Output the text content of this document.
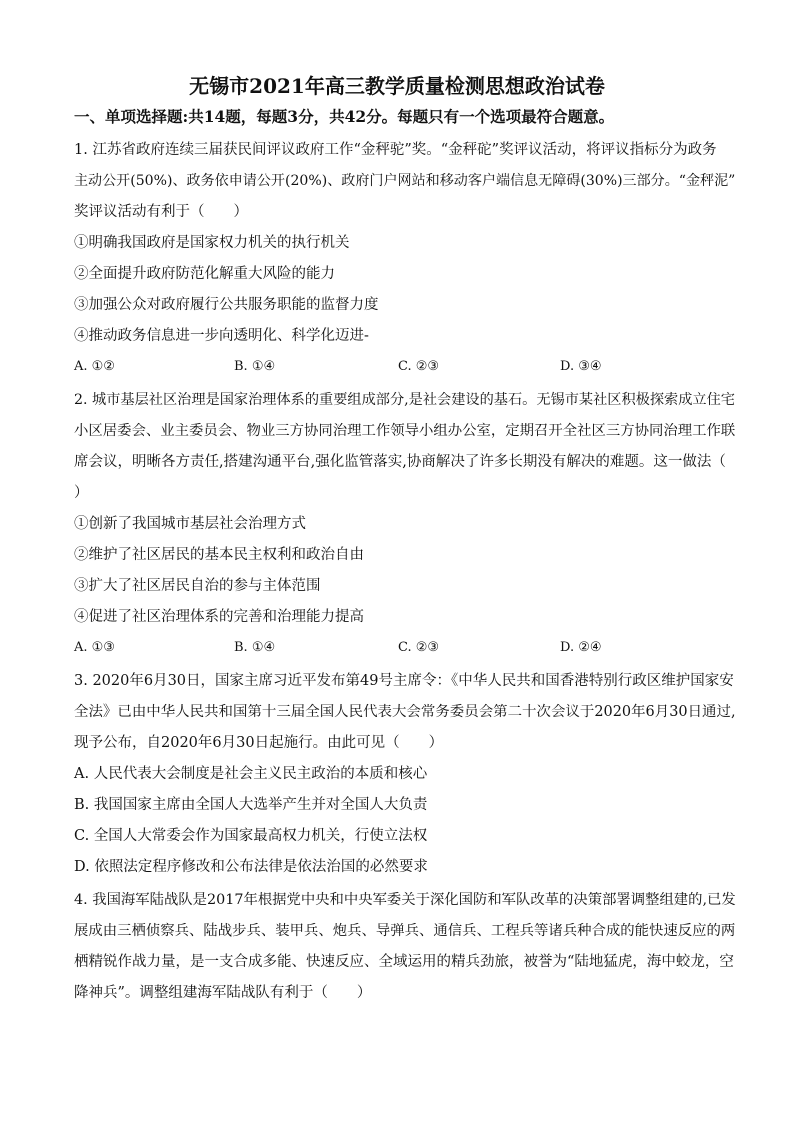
无锡市2021年高三教学质量检测思想政治试卷
一、单项选择题:共14题，每题3分，共42分。每题只有一个选项最符合题意。
1. 江苏省政府连续三届获民间评议政府工作“金秤驼”奖。“金秤砣”奖评议活动，将评议指标分为政务
主动公开(50%)、政务依申请公开(20%)、政府门户网站和移动客户端信息无障碍(30%)三部分。“金秤泥”
奖评议活动有利于（　　）
①明确我国政府是国家权力机关的执行机关
②全面提升政府防范化解重大风险的能力
③加强公众对政府履行公共服务职能的监督力度
④推动政务信息进一步向透明化、科学化迈进-
A. ①②	B. ①④	C. ②③	D. ③④
2. 城市基层社区治理是国家治理体系的重要组成部分,是社会建设的基石。无锡市某社区积极探索成立住宅
小区居委会、业主委员会、物业三方协同治理工作领导小组办公室，定期召开全社区三方协同治理工作联
席会议，明晰各方责任,搭建沟通平台,强化监管落实,协商解决了许多长期没有解决的难题。这一做法（
）
①创新了我国城市基层社会治理方式
②维护了社区居民的基本民主权利和政治自由
③扩大了社区居民自治的参与主体范围
④促进了社区治理体系的完善和治理能力提高
A. ①③	B. ①④	C. ②③	D. ②④
3. 2020年6月30日，国家主席习近平发布第49号主席令：《中华人民共和国香港特别行政区维护国家安
全法》已由中华人民共和国第十三届全国人民代表大会常务委员会第二十次会议于2020年6月30日通过,
现予公布，自2020年6月30日起施行。由此可见（　　）
A. 人民代表大会制度是社会主义民主政治的本质和核心
B. 我国国家主席由全国人大选举产生并对全国人大负责
C. 全国人大常委会作为国家最高权力机关，行使立法权
D. 依照法定程序修改和公布法律是依法治国的必然要求
4. 我国海军陆战队是2017年根据党中央和中央军委关于深化国防和军队改革的决策部署调整组建的,已发
展成由三栖侦察兵、陆战步兵、装甲兵、炮兵、导弹兵、通信兵、工程兵等诸兵种合成的能快速反应的两
栖精锐作战力量，是一支合成多能、快速反应、全域运用的精兵劲旅，被誉为“陆地猛虎，海中蛟龙，空
降神兵”。调整组建海军陆战队有利于（　　）
